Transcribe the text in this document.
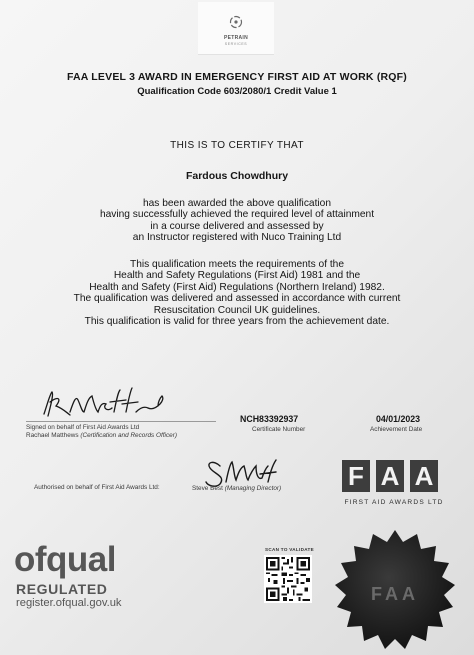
PETRAIN
SERVICES
FAA LEVEL 3 AWARD IN EMERGENCY FIRST AID AT WORK (RQF)
Qualification Code 603/2080/1 Credit Value 1
THIS IS TO CERTIFY THAT
Fardous Chowdhury
has been awarded the above qualification
having successfully achieved the required level of attainment
in a course delivered and assessed by
an Instructor registered with Nuco Training Ltd
This qualification meets the requirements of the
Health and Safety Regulations (First Aid) 1981 and the
Health and Safety (First Aid) Regulations (Northern Ireland) 1982.
The qualification was delivered and assessed in accordance with current
Resuscitation Council UK guidelines.
This qualification is valid for three years from the achievement date.
Signed on behalf of First Aid Awards Ltd
Rachael Matthews (Certification and Records Officer)
NCH83392937
Certificate Number
04/01/2023
Achievement Date
Authorised on behalf of First Aid Awards Ltd:	Steve Best (Managing Director)	F A A
FIRST AID AWARDS LTD
ofqual
REGULATED
register.ofqual.gov.uk
SCAN TO VALIDATE
FAA
